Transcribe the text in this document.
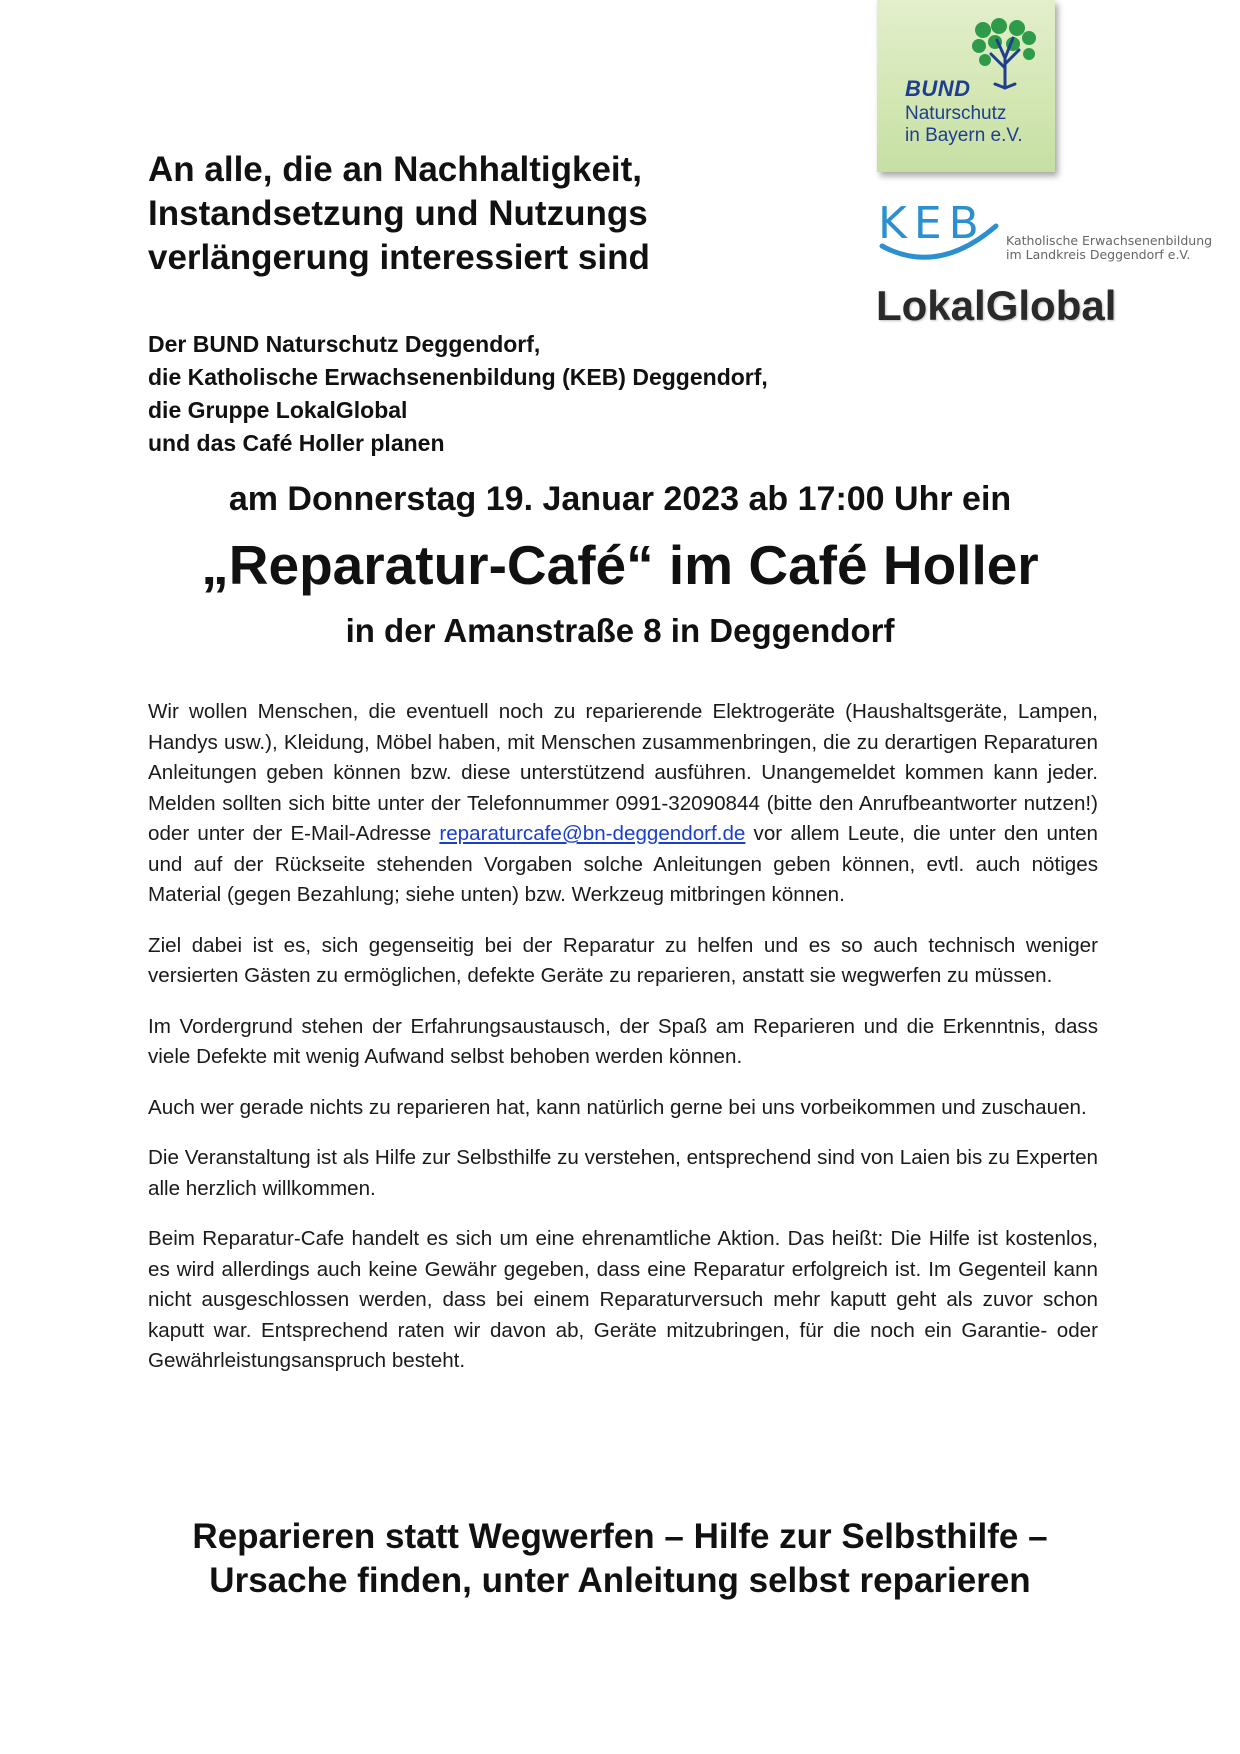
BUND
Naturschutz
in Bayern e.V.
KEB Katholische Erwachsenenbildung
im Landkreis Deggendorf e.V.
LokalGlobal
An alle, die an Nachhaltigkeit,
Instandsetzung und Nutzungs
verlängerung interessiert sind
Der BUND Naturschutz Deggendorf,
die Katholische Erwachsenenbildung (KEB) Deggendorf,
die Gruppe LokalGlobal
und das Café Holler planen
am Donnerstag 19. Januar 2023 ab 17:00 Uhr ein
„Reparatur-Café“ im Café Holler
in der Amanstraße 8 in Deggendorf

Wir wollen Menschen, die eventuell noch zu reparierende Elektrogeräte (Haushaltsgeräte, Lampen, Handys usw.), Kleidung, Möbel haben, mit Menschen zusammenbringen, die zu derartigen Reparaturen Anleitungen geben können bzw. diese unterstützend ausführen. Unangemeldet kommen kann jeder. Melden sollten sich bitte unter der Telefonnummer 0991-32090844 (bitte den Anrufbeantworter nutzen!) oder unter der E-Mail-Adresse reparaturcafe@bn-deggendorf.de vor allem Leute, die unter den unten und auf der Rückseite stehenden Vorgaben solche Anleitungen geben können, evtl. auch nötiges Material (gegen Bezahlung; siehe unten) bzw. Werkzeug mitbringen können.

Ziel dabei ist es, sich gegenseitig bei der Reparatur zu helfen und es so auch technisch weniger versierten Gästen zu ermöglichen, defekte Geräte zu reparieren, anstatt sie wegwerfen zu müssen.

Im Vordergrund stehen der Erfahrungsaustausch, der Spaß am Reparieren und die Erkenntnis, dass viele Defekte mit wenig Aufwand selbst behoben werden können.

Auch wer gerade nichts zu reparieren hat, kann natürlich gerne bei uns vorbeikommen und zuschauen.

Die Veranstaltung ist als Hilfe zur Selbsthilfe zu verstehen, entsprechend sind von Laien bis zu Experten alle herzlich willkommen.

Beim Reparatur-Cafe handelt es sich um eine ehrenamtliche Aktion. Das heißt: Die Hilfe ist kostenlos, es wird allerdings auch keine Gewähr gegeben, dass eine Reparatur erfolgreich ist. Im Gegenteil kann nicht ausgeschlossen werden, dass bei einem Reparaturversuch mehr kaputt geht als zuvor schon kaputt war. Entsprechend raten wir davon ab, Geräte mitzubringen, für die noch ein Garantie- oder Gewährleistungsanspruch besteht.

Reparieren statt Wegwerfen – Hilfe zur Selbsthilfe –
Ursache finden, unter Anleitung selbst reparieren
